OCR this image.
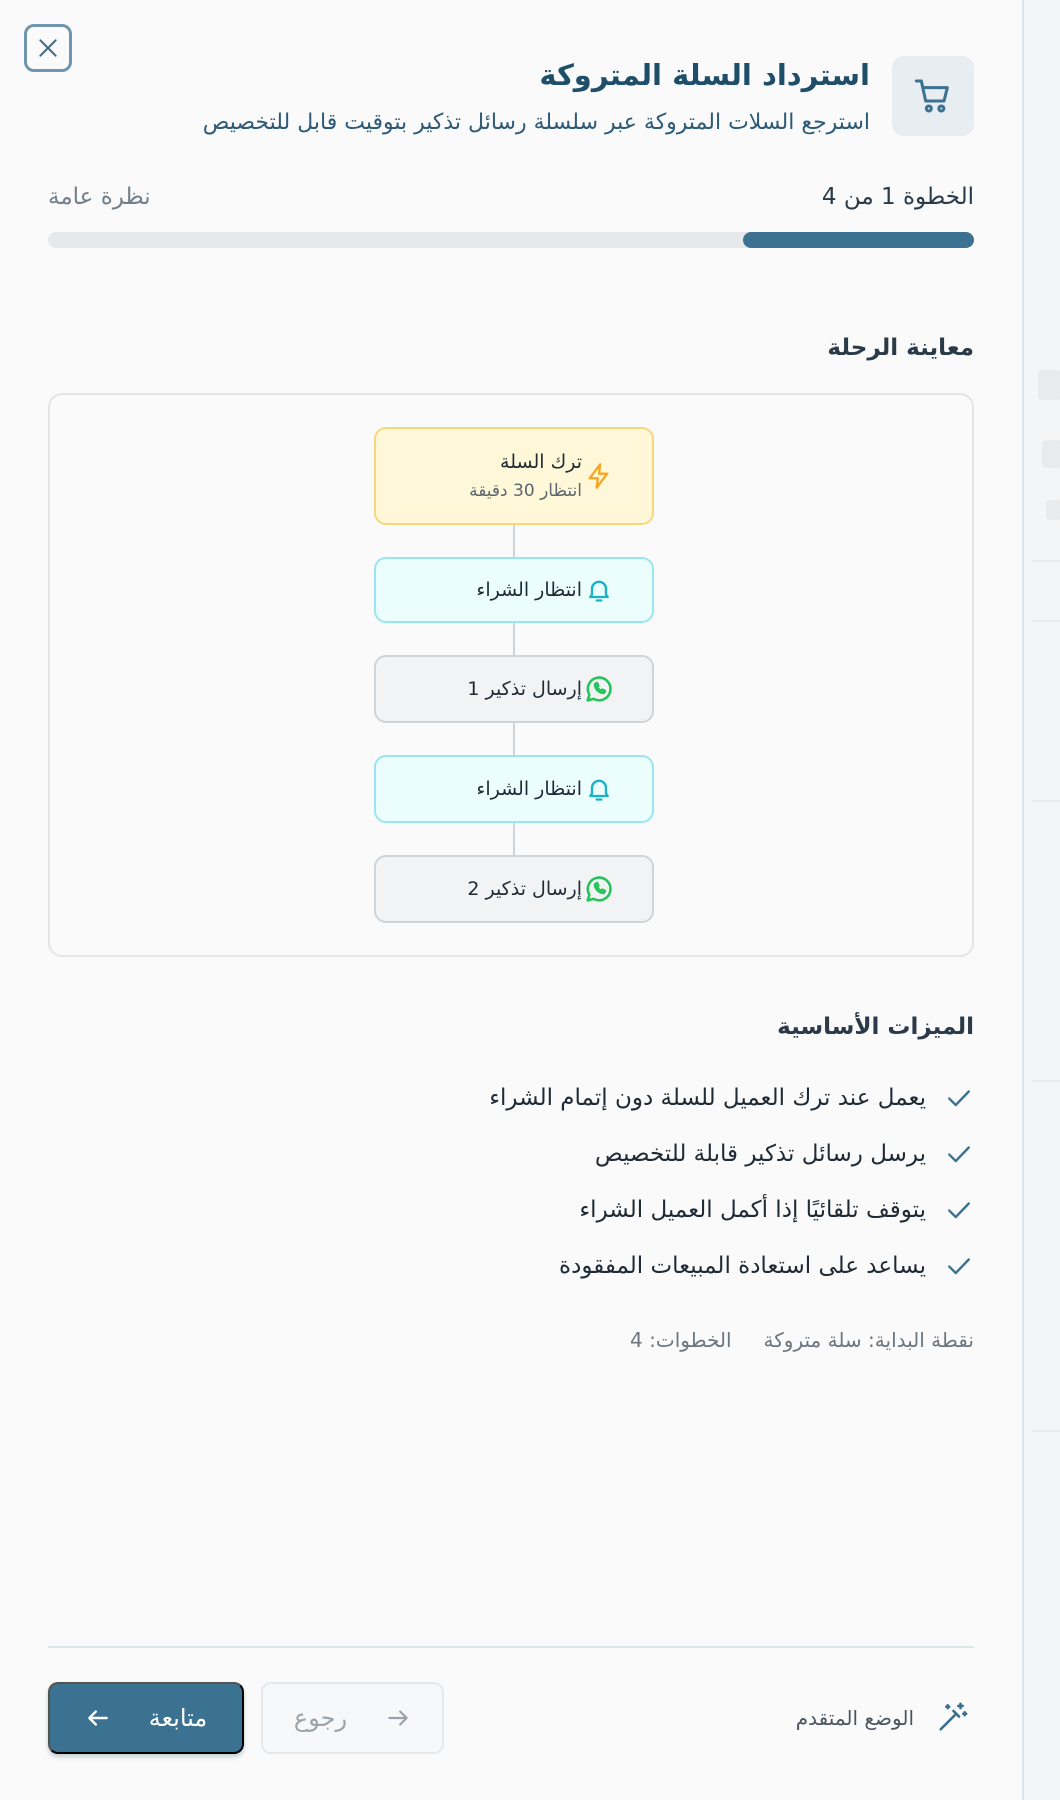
استرداد السلة المتروكة

استرجع السلات المتروكة عبر سلسلة رسائل تذكير بتوقيت قابل للتخصيص

الخطوة 1 من 4
نظرة عامة
معاينة الرحلة
ترك السلة
انتظار 30 دقيقة
انتظار الشراء
إرسال تذكير 1
انتظار الشراء
إرسال تذكير 2
الميزات الأساسية
يعمل عند ترك العميل للسلة دون إتمام الشراء
يرسل رسائل تذكير قابلة للتخصيص
يتوقف تلقائيًا إذا أكمل العميل الشراء
يساعد على استعادة المبيعات المفقودة
نقطة البداية: سلة متروكة
الخطوات: 4
الوضع المتقدم
رجوع
متابعة
